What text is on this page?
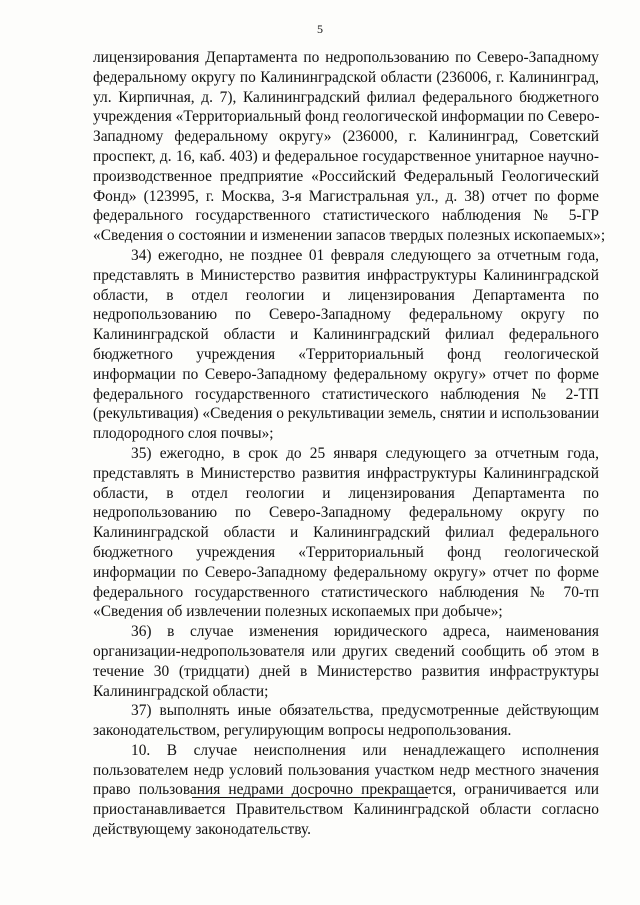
5
лицензирования Департамента по недропользованию по Северо-Западному
федеральному округу по Калининградской области (236006, г. Калининград,
ул. Кирпичная, д. 7), Калининградский филиал федерального бюджетного
учреждения «Территориальный фонд геологической информации по Северо-
Западному федеральному округу» (236000, г. Калининград, Советский
проспект, д. 16, каб. 403) и федеральное государственное унитарное научно-
производственное предприятие «Российский Федеральный Геологический
Фонд» (123995, г. Москва, 3-я Магистральная ул., д. 38) отчет по форме
федерального государственного статистического наблюдения № 5-ГР
«Сведения о состоянии и изменении запасов твердых полезных ископаемых»;
34) ежегодно, не позднее 01 февраля следующего за отчетным года,
представлять в Министерство развития инфраструктуры Калининградской
области, в отдел геологии и лицензирования Департамента по
недропользованию по Северо-Западному федеральному округу по
Калининградской области и Калининградский филиал федерального
бюджетного учреждения «Территориальный фонд геологической
информации по Северо-Западному федеральному округу» отчет по форме
федерального государственного статистического наблюдения № 2-ТП
(рекультивация) «Сведения о рекультивации земель, снятии и использовании
плодородного слоя почвы»;
35) ежегодно, в срок до 25 января следующего за отчетным года,
представлять в Министерство развития инфраструктуры Калининградской
области, в отдел геологии и лицензирования Департамента по
недропользованию по Северо-Западному федеральному округу по
Калининградской области и Калининградский филиал федерального
бюджетного учреждения «Территориальный фонд геологической
информации по Северо-Западному федеральному округу» отчет по форме
федерального государственного статистического наблюдения № 70-тп
«Сведения об извлечении полезных ископаемых при добыче»;
36) в случае изменения юридического адреса, наименования
организации-недропользователя или других сведений сообщить об этом в
течение 30 (тридцати) дней в Министерство развития инфраструктуры
Калининградской области;
37) выполнять иные обязательства, предусмотренные действующим
законодательством, регулирующим вопросы недропользования.
10. В случае неисполнения или ненадлежащего исполнения
пользователем недр условий пользования участком недр местного значения
право пользования недрами досрочно прекращается, ограничивается или
приостанавливается Правительством Калининградской области согласно
действующему законодательству.
